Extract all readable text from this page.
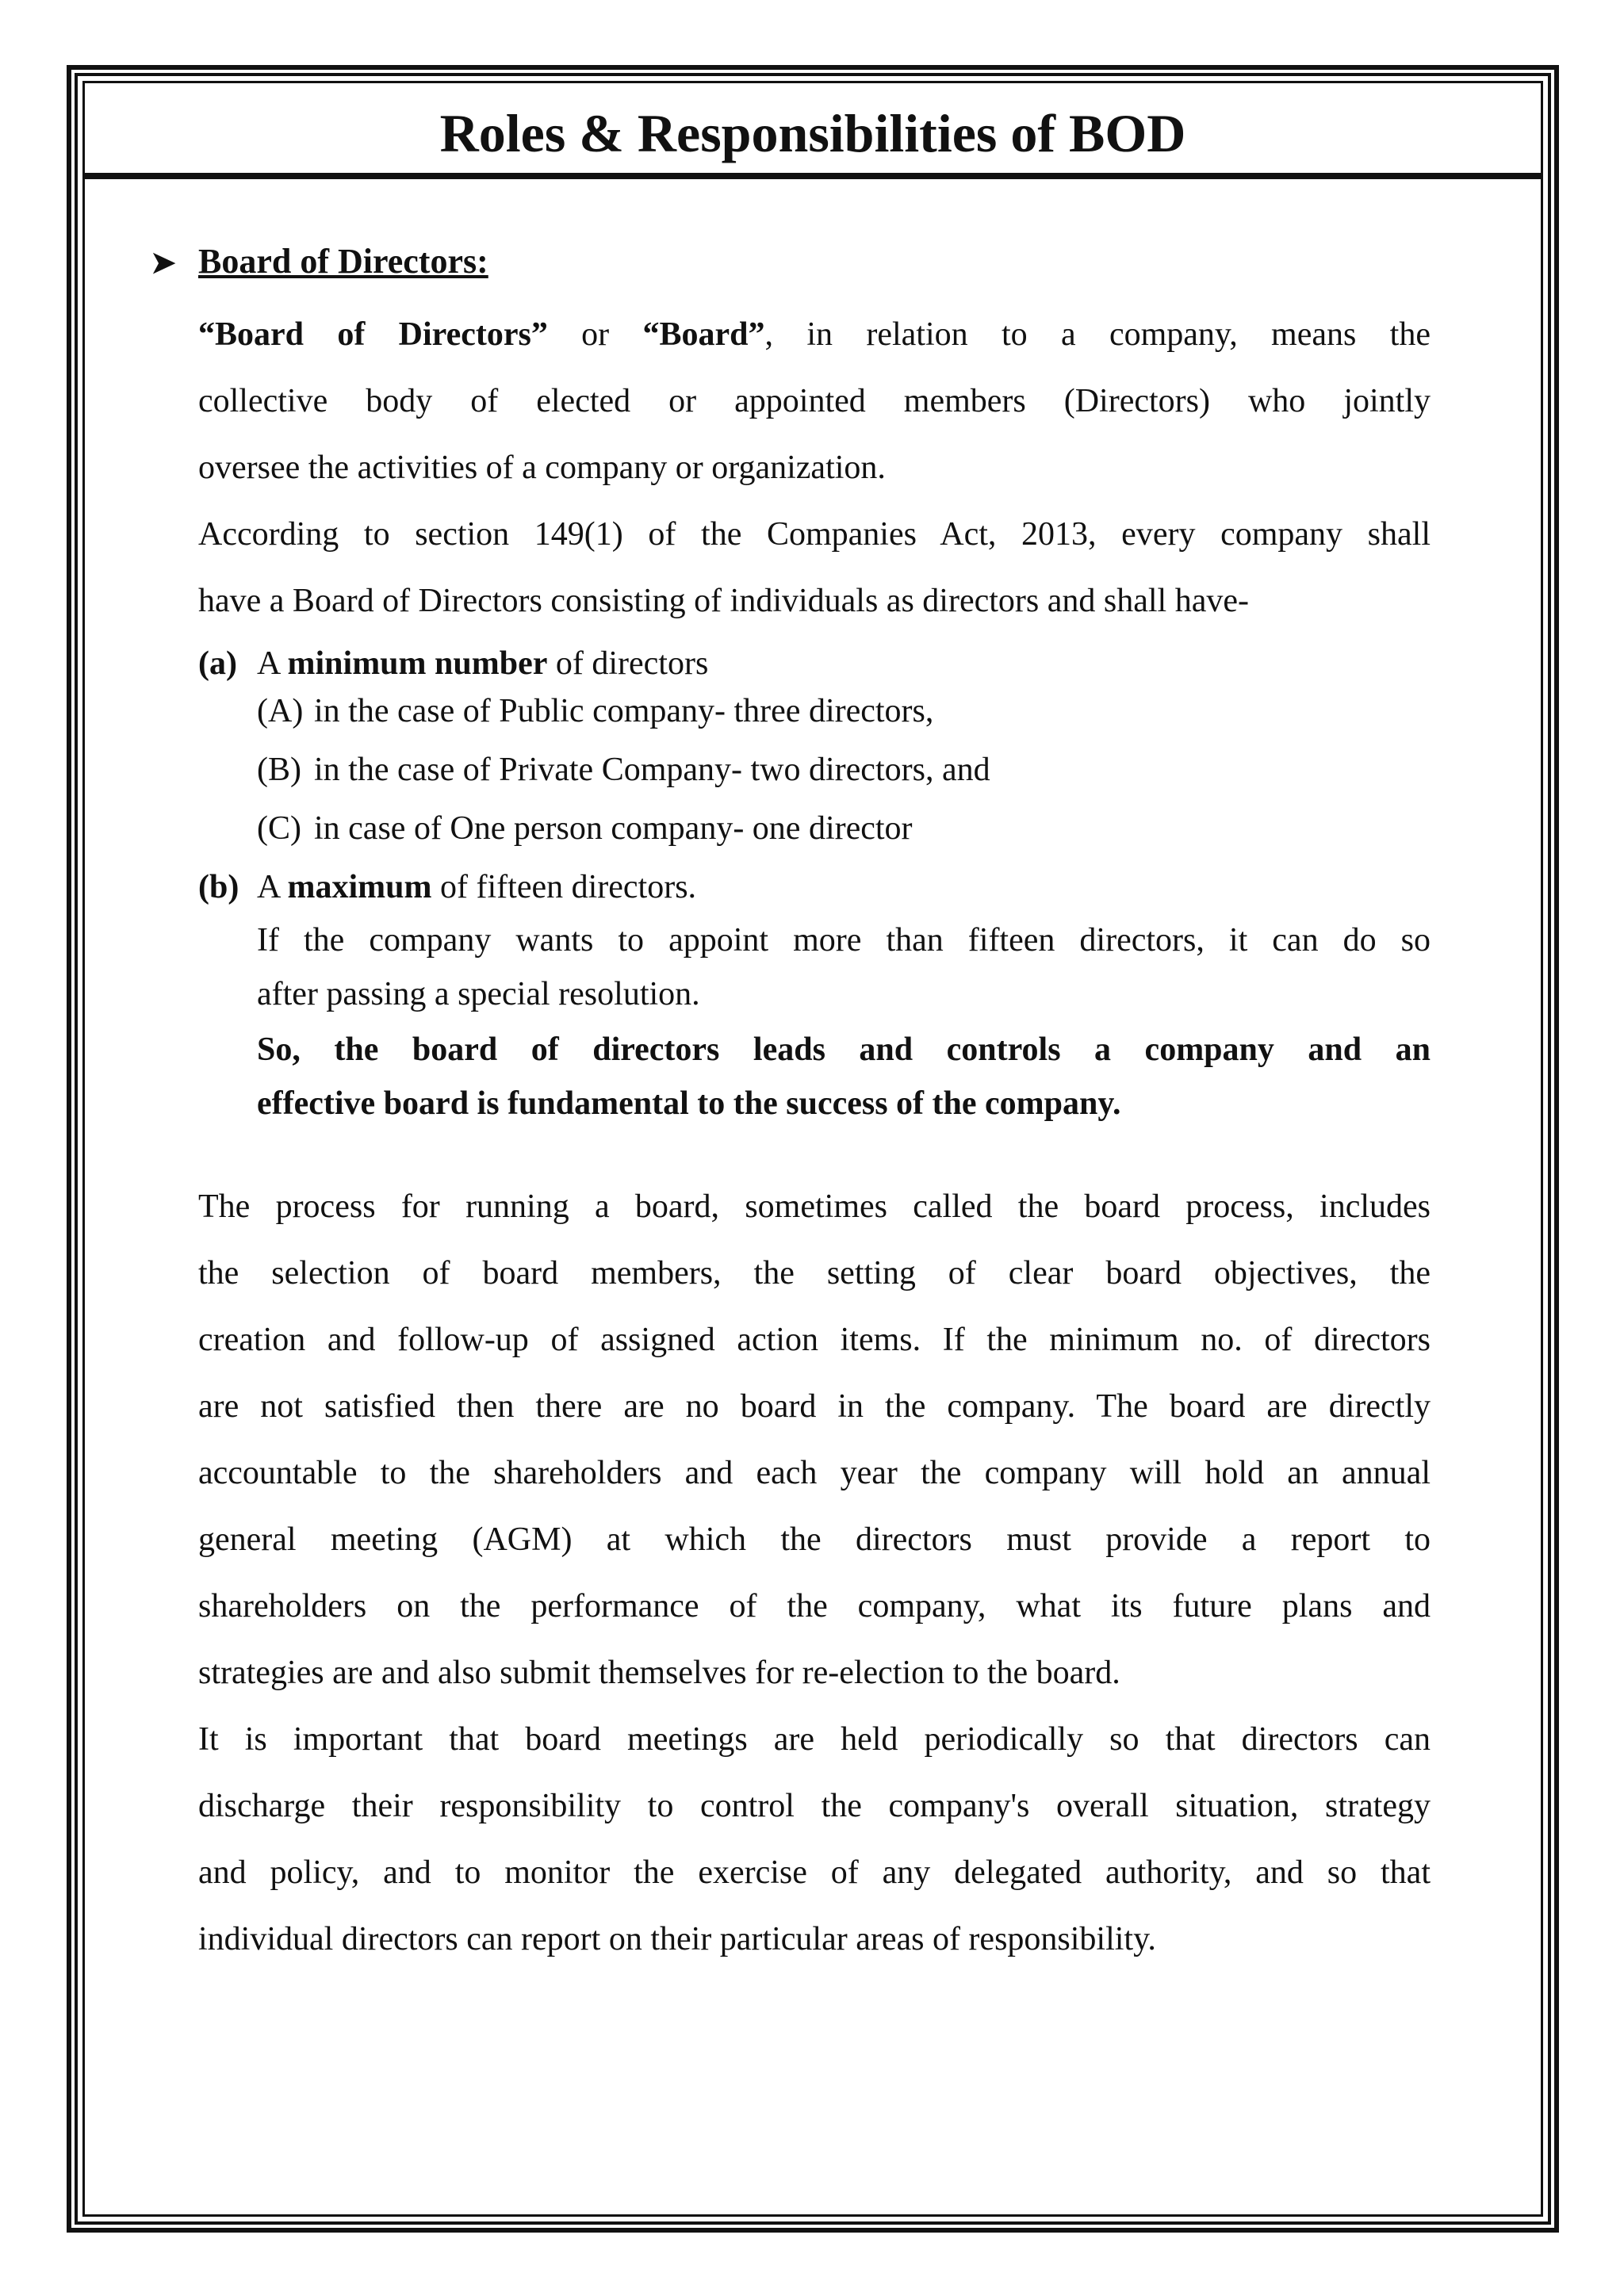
Roles & Responsibilities of BOD
➤ Board of Directors:

“Board of Directors” or “Board”, in relation to a company, means the

collective body of elected or appointed members (Directors) who jointly

oversee the activities of a company or organization.

According to section 149(1) of the Companies Act, 2013, every company shall

have a Board of Directors consisting of individuals as directors and shall have-

(a) A minimum number of directors
(A) in the case of Public company- three directors,
(B) in the case of Private Company- two directors, and
(C) in case of One person company- one director
(b) A maximum of fifteen directors.

If the company wants to appoint more than fifteen directors, it can do so

after passing a special resolution.

So, the board of directors leads and controls a company and an

effective board is fundamental to the success of the company.

The process for running a board, sometimes called the board process, includes

the selection of board members, the setting of clear board objectives, the

creation and follow-up of assigned action items. If the minimum no. of directors

are not satisfied then there are no board in the company. The board are directly

accountable to the shareholders and each year the company will hold an annual

general meeting (AGM) at which the directors must provide a report to

shareholders on the performance of the company, what its future plans and

strategies are and also submit themselves for re-election to the board.

It is important that board meetings are held periodically so that directors can

discharge their responsibility to control the company's overall situation, strategy

and policy, and to monitor the exercise of any delegated authority, and so that

individual directors can report on their particular areas of responsibility.
